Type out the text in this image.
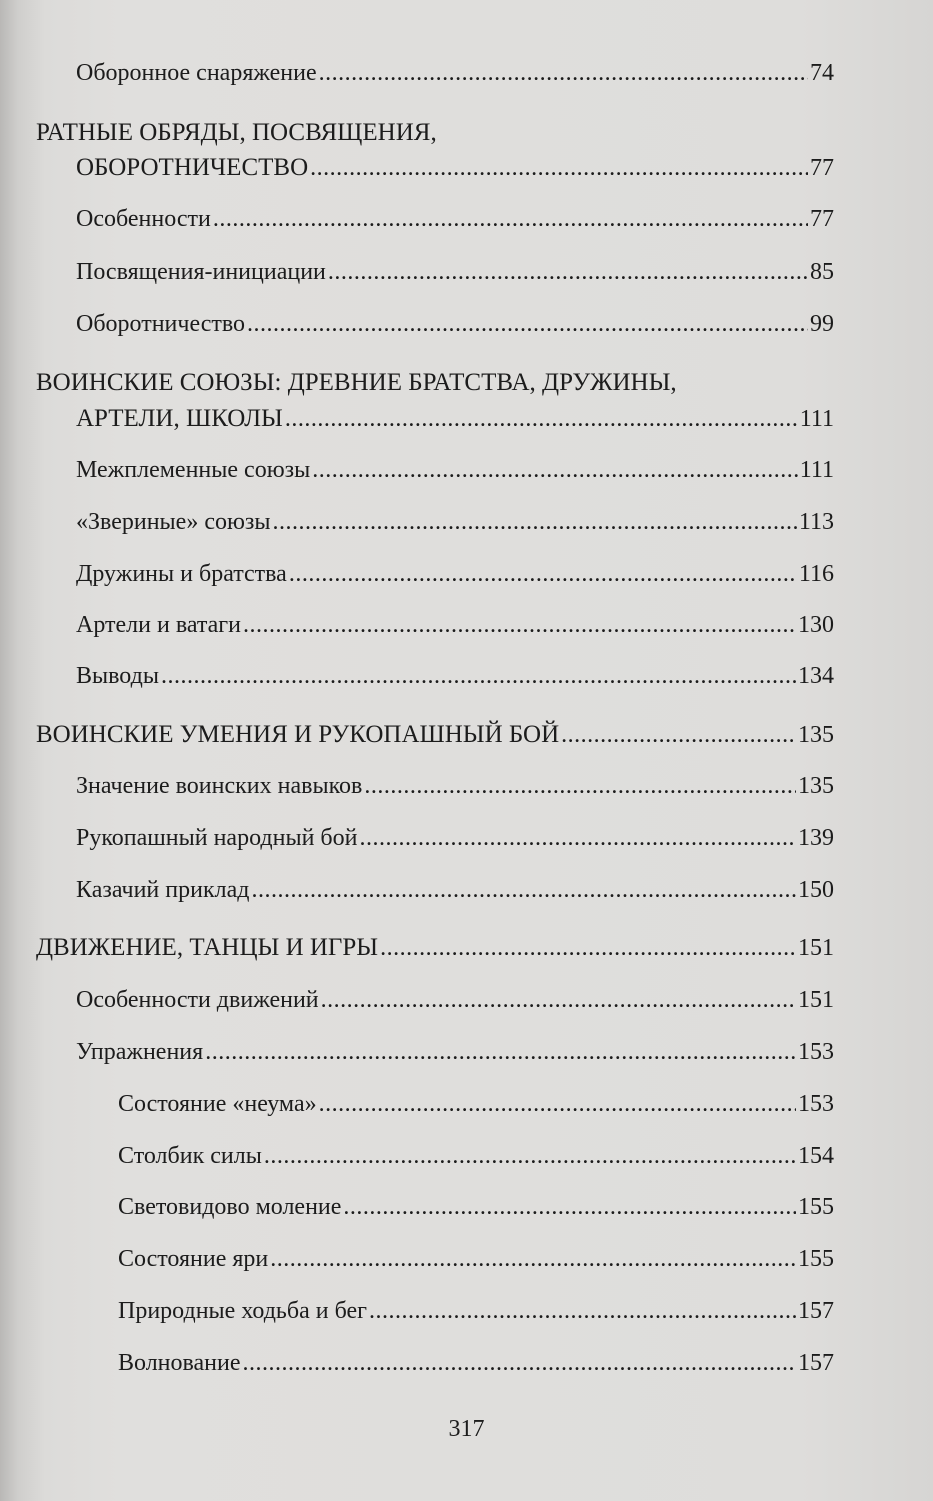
Оборонное снаряжение .....	74
РАТНЫЕ ОБРЯДЫ, ПОСВЯЩЕНИЯ,
ОБОРОТНИЧЕСТВО .....	77
Особенности .....	77
Посвящения-инициации .....	85
Оборотничество .....	99
ВОИНСКИЕ СОЮЗЫ: ДРЕВНИЕ БРАТСТВА, ДРУЖИНЫ,
АРТЕЛИ, ШКОЛЫ .....	111
Межплеменные союзы .....	111
«Звериные» союзы .....	113
Дружины и братства .....	116
Артели и ватаги .....	130
Выводы .....	134
ВОИНСКИЕ УМЕНИЯ И РУКОПАШНЫЙ БОЙ .....	135
Значение воинских навыков .....	135
Рукопашный народный бой .....	139
Казачий приклад .....	150
ДВИЖЕНИЕ, ТАНЦЫ И ИГРЫ .....	151
Особенности движений .....	151
Упражнения .....	153
Состояние «неума» .....	153
Столбик силы .....	154
Световидово моление .....	155
Состояние яри .....	155
Природные ходьба и бег .....	157
Волнование .....	157
317
